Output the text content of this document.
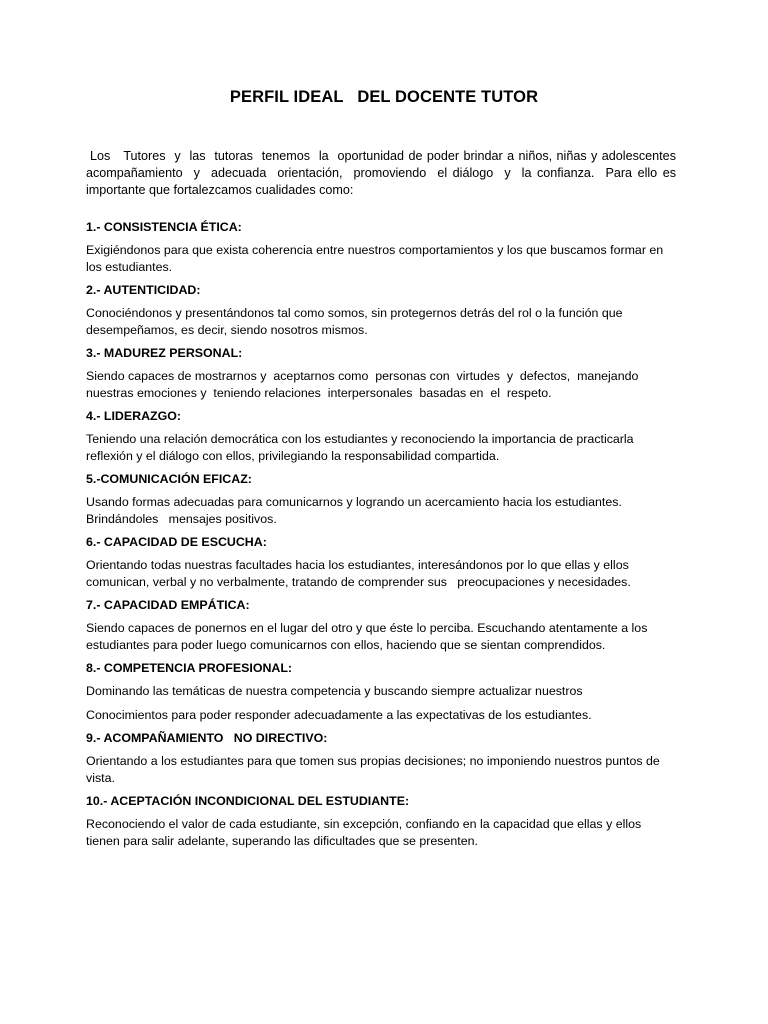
PERFIL IDEAL   DEL DOCENTE TUTOR
Los   Tutores  y  las  tutoras  tenemos  la  oportunidad de poder brindar a niños, niñas y adolescentes acompañamiento  y  adecuada  orientación,  promoviendo  el diálogo  y  la confianza.  Para ello es importante que fortalezcamos cualidades como:
1.- CONSISTENCIA ÉTICA:

Exigiéndonos para que exista coherencia entre nuestros comportamientos y los que buscamos formar en los estudiantes.

2.- AUTENTICIDAD:

Conociéndonos y presentándonos tal como somos, sin protegernos detrás del rol o la función que desempeñamos, es decir, siendo nosotros mismos.

3.- MADUREZ PERSONAL:

Siendo capaces de mostrarnos y  aceptarnos como  personas con  virtudes  y  defectos,  manejando nuestras emociones y  teniendo relaciones  interpersonales  basadas en  el  respeto.

4.- LIDERAZGO:

Teniendo una relación democrática con los estudiantes y reconociendo la importancia de practicarla reflexión y el diálogo con ellos, privilegiando la responsabilidad compartida.

5.-COMUNICACIÓN EFICAZ:

Usando formas adecuadas para comunicarnos y logrando un acercamiento hacia los estudiantes. Brindándoles   mensajes positivos.

6.- CAPACIDAD DE ESCUCHA:

Orientando todas nuestras facultades hacia los estudiantes, interesándonos por lo que ellas y ellos comunican, verbal y no verbalmente, tratando de comprender sus   preocupaciones y necesidades.

7.- CAPACIDAD EMPÁTICA:

Siendo capaces de ponernos en el lugar del otro y que éste lo perciba. Escuchando atentamente a los estudiantes para poder luego comunicarnos con ellos, haciendo que se sientan comprendidos.

8.- COMPETENCIA PROFESIONAL:

Dominando las temáticas de nuestra competencia y buscando siempre actualizar nuestros

Conocimientos para poder responder adecuadamente a las expectativas de los estudiantes.

9.- ACOMPAÑAMIENTO   NO DIRECTIVO:

Orientando a los estudiantes para que tomen sus propias decisiones; no imponiendo nuestros puntos de vista.

10.- ACEPTACIÓN INCONDICIONAL DEL ESTUDIANTE:

Reconociendo el valor de cada estudiante, sin excepción, confiando en la capacidad que ellas y ellos tienen para salir adelante, superando las dificultades que se presenten.
